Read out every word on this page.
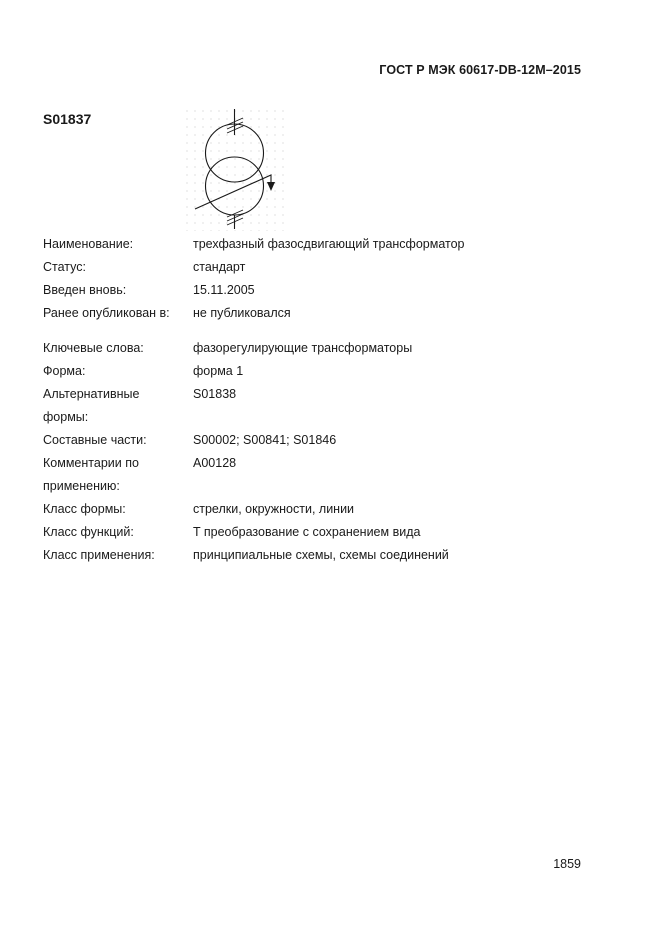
ГОСТ Р МЭК 60617-DB-12M–2015
S01837
Наименование:	трехфазный фазосдвигающий трансформатор
Статус:	стандарт
Введен вновь:	15.11.2005
Ранее опубликован в:	не публиковался
Ключевые слова:	фазорегулирующие трансформаторы
Форма:	форма 1
Альтернативные	S01838
формы:
Составные части:	S00002; S00841; S01846
Комментарии по	A00128
применению:
Класс формы:	стрелки, окружности, линии
Класс функций:	T преобразование с сохранением вида
Класс применения:	принципиальные схемы, схемы соединений
1859
